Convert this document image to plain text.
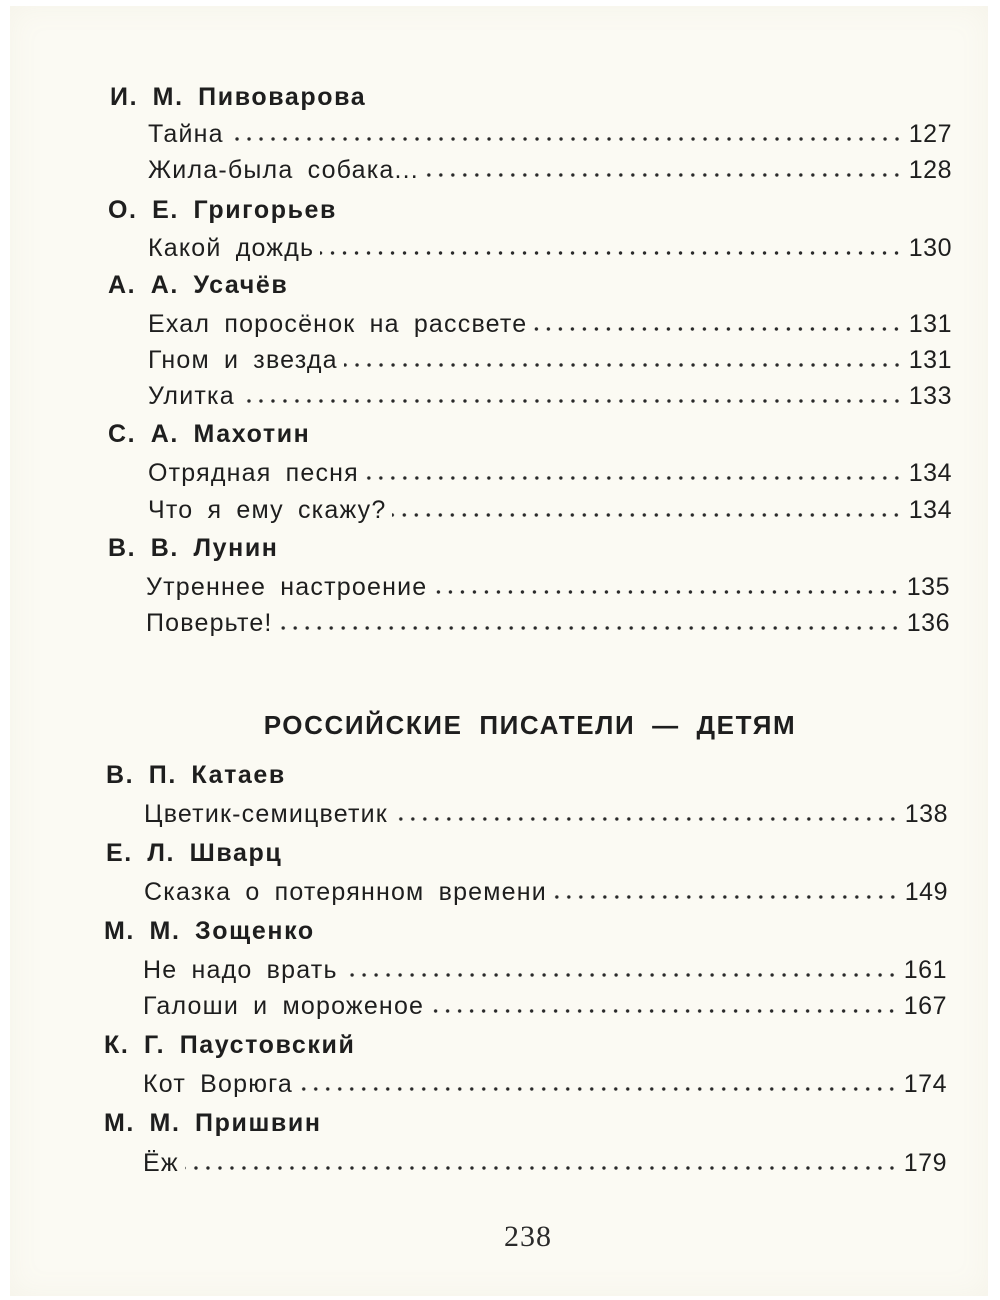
И. М. Пивоварова
Тайна	127
Жила-была собака...	128
О. Е. Григорьев
Какой дождь	130
А. А. Усачёв
Ехал поросёнок на рассвете	131
Гном и звезда	131
Улитка	133
С. А. Махотин
Отрядная песня	134
Что я ему скажу?	134
В. В. Лунин
Утреннее настроение	135
Поверьте!	136
РОССИЙСКИЕ ПИСАТЕЛИ — ДЕТЯМ
В. П. Катаев
Цветик-семицветик	138
Е. Л. Шварц
Сказка о потерянном времени	149
М. М. Зощенко
Не надо врать	161
Галоши и мороженое	167
К. Г. Паустовский
Кот Ворюга	174
М. М. Пришвин
Ёж	179
238
